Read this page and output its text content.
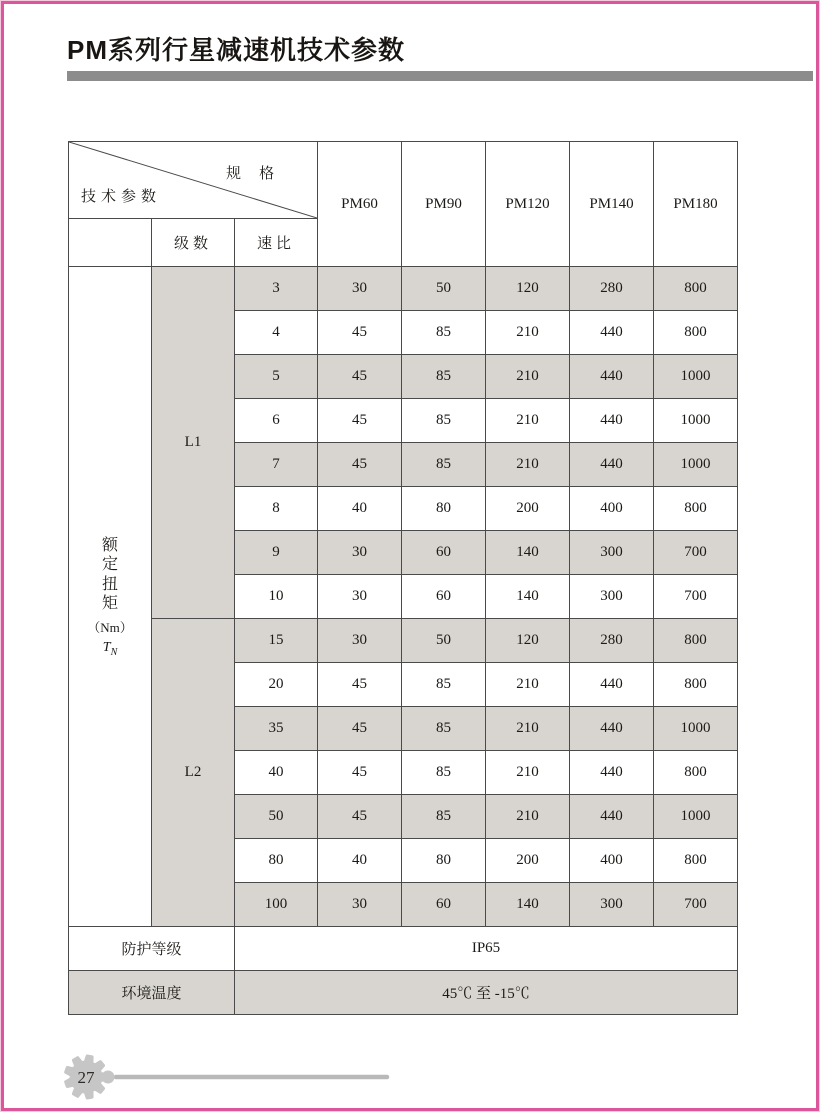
PM系列行星减速机技术参数
规 格
技术参数			PM60	PM90	PM120	PM140	PM180
	级数	速比					

额
定
扭
矩
（Nm）
$T_N$
	L1	3	30	50	120	280	800
		4	45	85	210	440	800
		5	45	85	210	440	1000
		6	45	85	210	440	1000
		7	45	85	210	440	1000
		8	40	80	200	400	800
		9	30	60	140	300	700
		10	30	60	140	300	700
	L2	15	30	50	120	280	800
		20	45	85	210	440	800
		35	45	85	210	440	1000
		40	45	85	210	440	800
		50	45	85	210	440	1000
		80	40	80	200	400	800
		100	30	60	140	300	700
防护等级		IP65					
环境温度		45℃ 至 -15℃					
27
